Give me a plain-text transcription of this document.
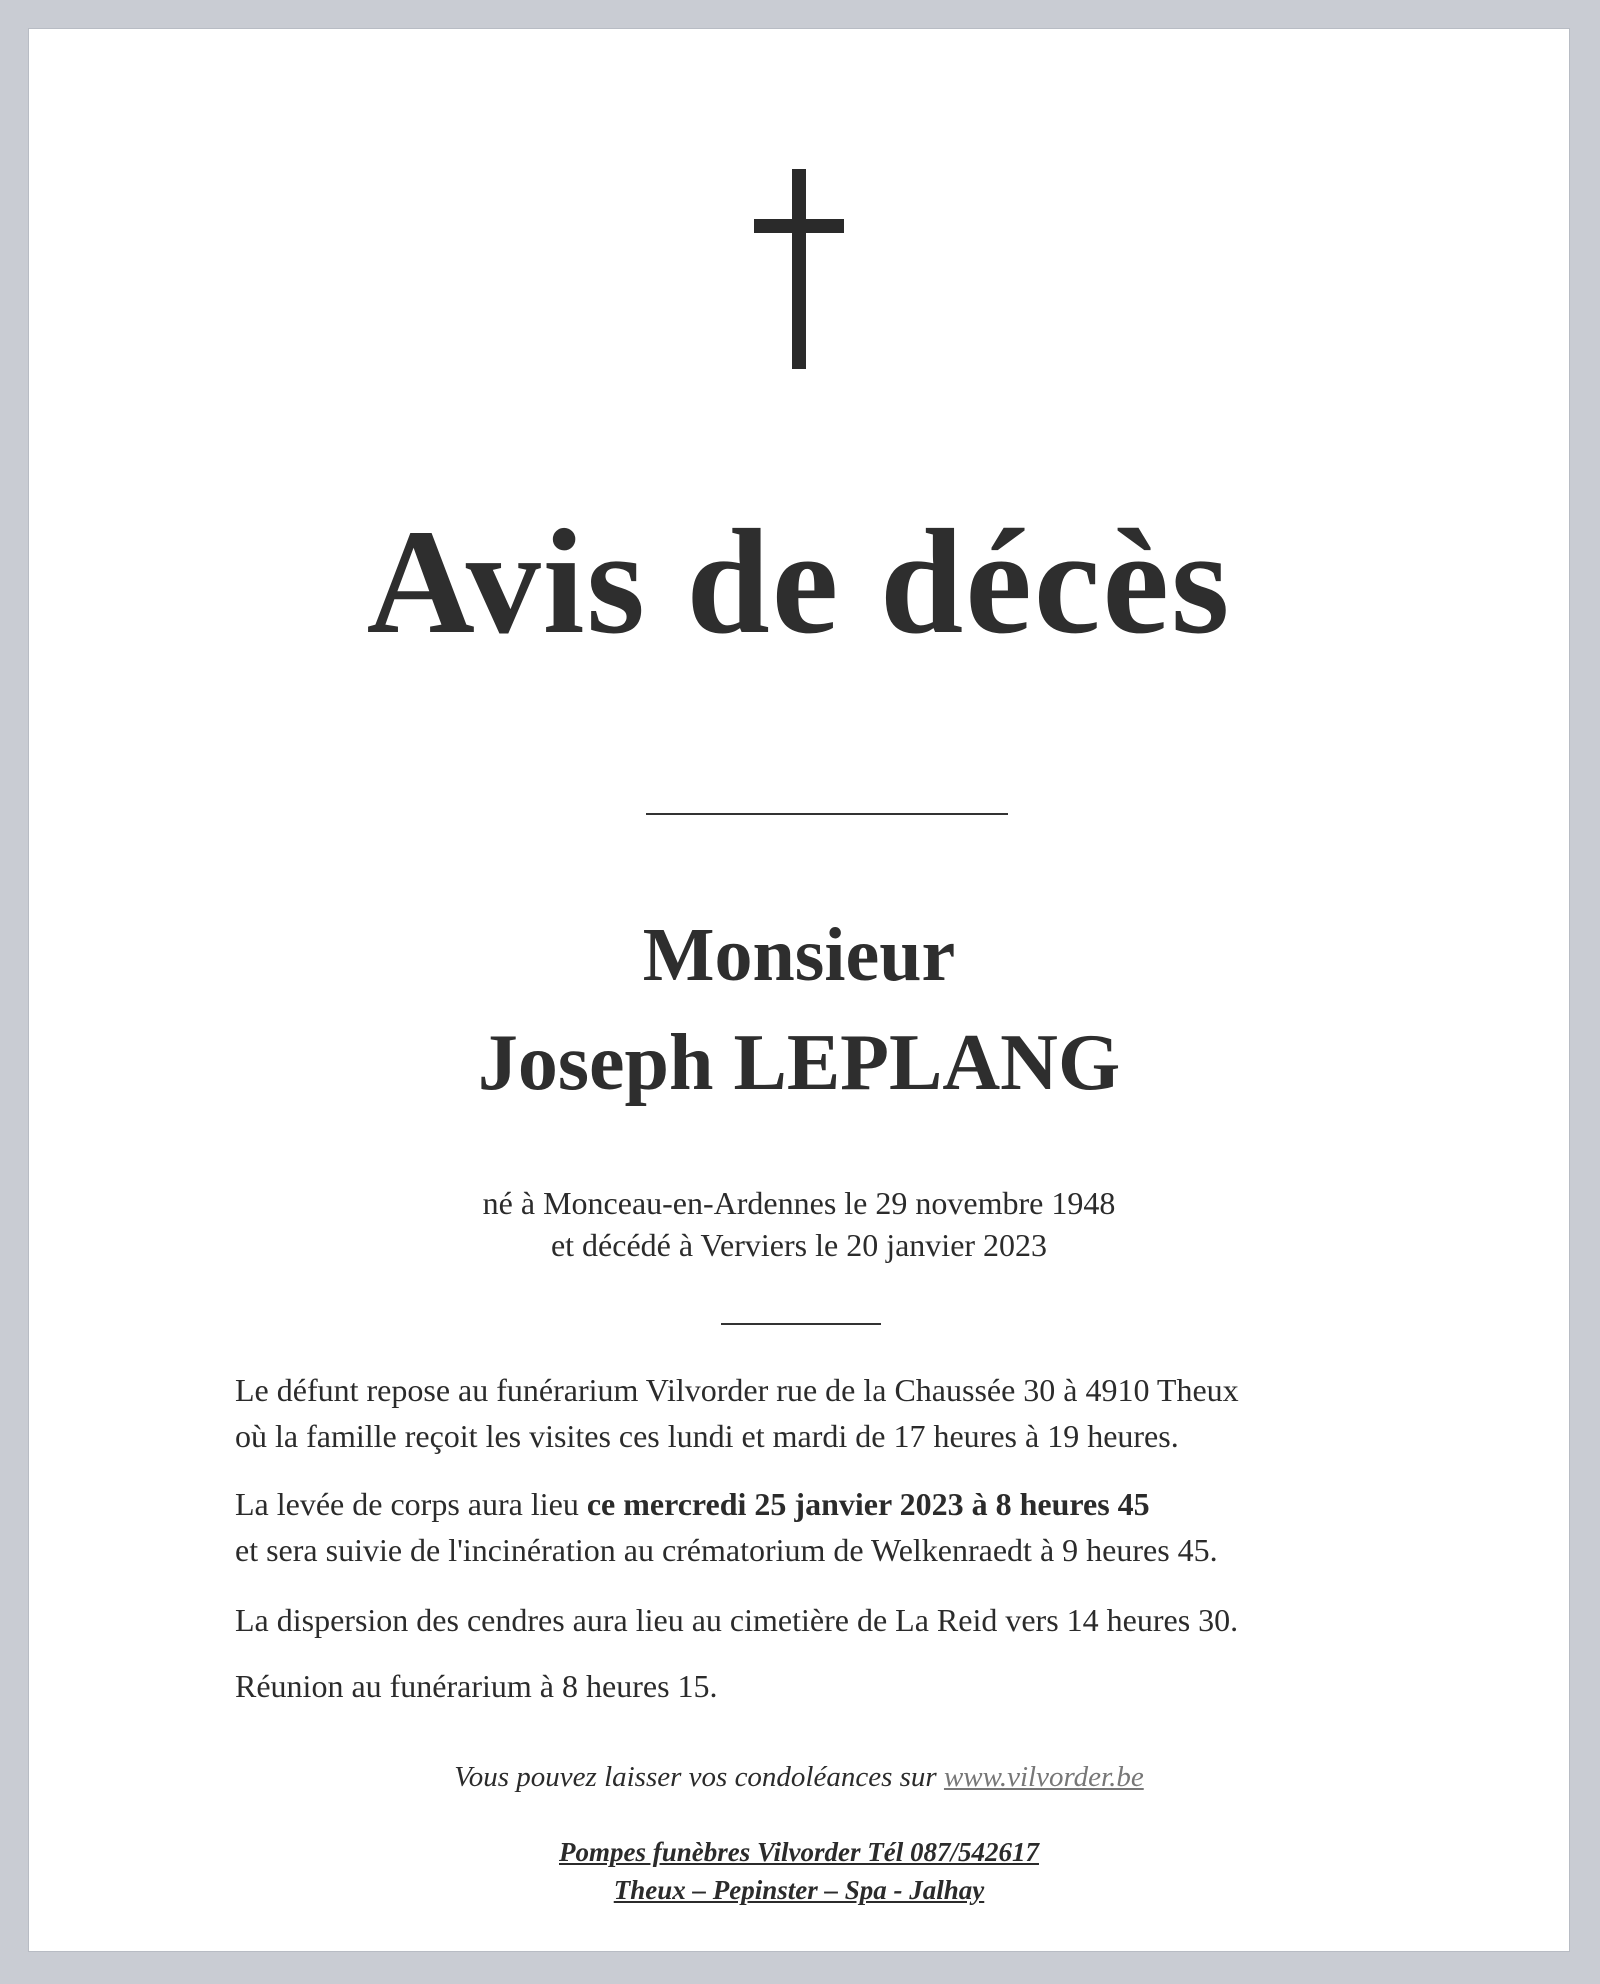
Avis de décès
Monsieur
Joseph LEPLANG
né à Monceau-en-Ardennes le 29 novembre 1948
et décédé à Verviers le 20 janvier 2023
Le défunt repose au funérarium Vilvorder rue de la Chaussée 30 à 4910 Theux
où la famille reçoit les visites ces lundi et mardi de 17 heures à 19 heures.
La levée de corps aura lieu ce mercredi 25 janvier 2023 à 8 heures 45
et sera suivie de l'incinération au crématorium de Welkenraedt à 9 heures 45.
La dispersion des cendres aura lieu au cimetière de La Reid vers 14 heures 30.
Réunion au funérarium à 8 heures 15.
Vous pouvez laisser vos condoléances sur www.vilvorder.be
Pompes funèbres Vilvorder Tél 087/542617
Theux – Pepinster – Spa - Jalhay
